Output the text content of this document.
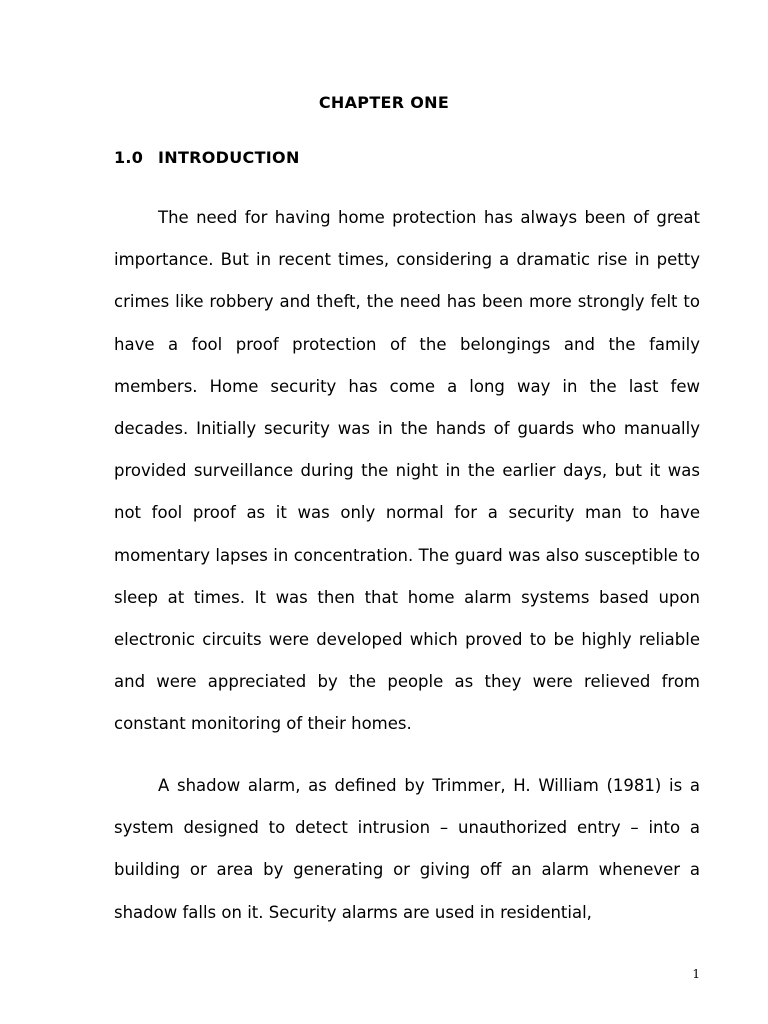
CHAPTER ONE
1.0 INTRODUCTION

The need for having home protection has always been of great importance. But in recent times, considering a dramatic rise in petty crimes like robbery and theft, the need has been more strongly felt to have a fool proof protection of the belongings and the family members. Home security has come a long way in the last few decades. Initially security was in the hands of guards who manually provided surveillance during the night in the earlier days, but it was not fool proof as it was only normal for a security man to have momentary lapses in concentration. The guard was also susceptible to sleep at times. It was then that home alarm systems based upon electronic circuits were developed which proved to be highly reliable and were appreciated by the people as they were relieved from constant monitoring of their homes.

A shadow alarm, as defined by Trimmer, H. William (1981) is a system designed to detect intrusion – unauthorized entry – into a building or area by generating or giving off an alarm whenever a shadow falls on it. Security alarms are used in residential,

1
